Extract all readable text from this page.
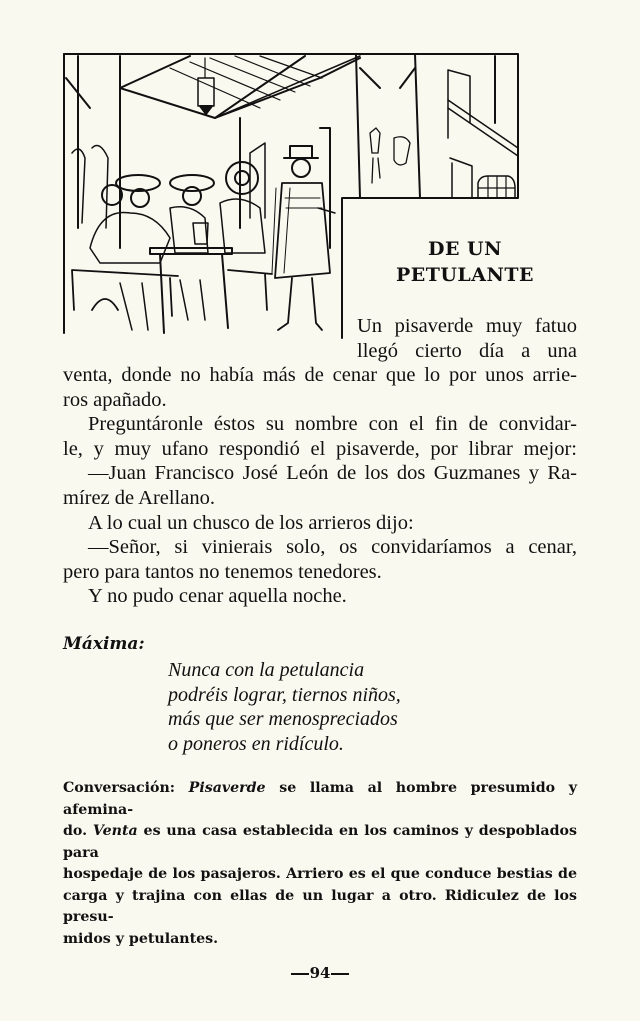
DE UN
PETULANTE
Un pisaverde muy fatuo
llegó cierto día a una
venta, donde no había más de cenar que lo por unos arrie-
ros apañado.
Preguntáronle éstos su nombre con el fin de convidar-
le, y muy ufano respondió el pisaverde, por librar mejor:
—Juan Francisco José León de los dos Guzmanes y Ra-
mírez de Arellano.
A lo cual un chusco de los arrieros dijo:
—Señor, si vinierais solo, os convidaríamos a cenar,
pero para tantos no tenemos tenedores.
Y no pudo cenar aquella noche.
Máxima:
Nunca con la petulancia
podréis lograr, tiernos niños,
más que ser menospreciados
o poneros en ridículo.
Conversación: Pisaverde se llama al hombre presumido y afemina-
do. Venta es una casa establecida en los caminos y despoblados para
hospedaje de los pasajeros. Arriero es el que conduce bestias de
carga y trajina con ellas de un lugar a otro. Ridiculez de los presu-
midos y petulantes.
94
